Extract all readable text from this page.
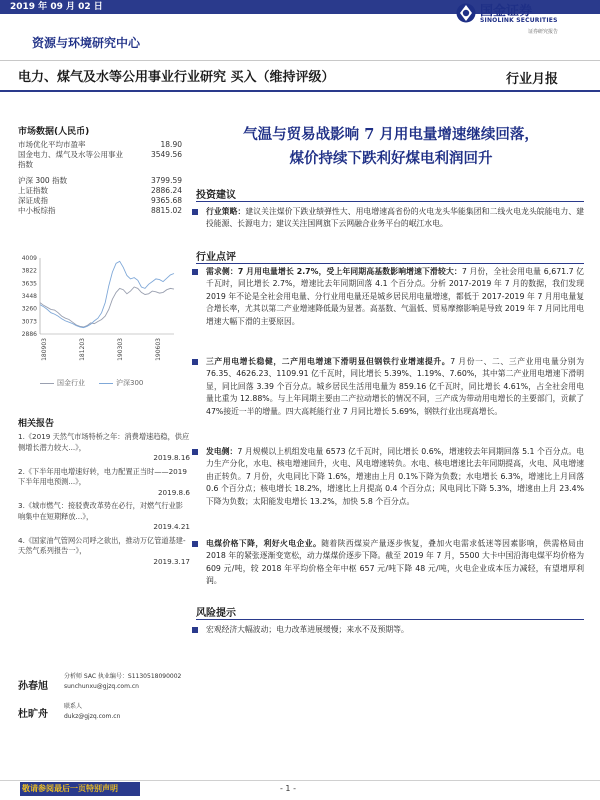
2019 年 09 月 02 日	国金证券
SINOLINK SECURITIES
证券研究报告
资源与环境研究中心
电力、煤气及水等公用事业行业研究 买入（维持评级）	行业月报
市场数据(人民币)
市场优化平均市盈率	18.90
国金电力、煤气及水等公用事业指数
3549.56
沪深 300 指数	3799.59
上证指数	2886.24
深证成指	9365.68
中小板综指	8815.02
4009
3822
3635
3448
3260
3073
2886
180903	181203	190303	190603
国金行业	沪深300
相关报告
1.《2019 天然气市场特桥之年：消费增速趋稳，供应侧增长潜力较大...》，
2019.8.16
2.《下半年用电增速好转，电力配置正当时——2019 下半年用电预测...》，
2019.8.6
3.《城市燃气：接驳费改革势在必行，对燃气行业影响集中在短期释放...》，
2019.4.21
4.《国家油气管网公司呼之欲出，推动万亿管道基建-天然气系列报告一》，
2019.3.17
孙春旭
分析师 SAC 执业编号：S1130518090002
sunchunxu@gjzq.com.cn
杜旷舟
联系人
dukz@gjzq.com.cn
气温与贸易战影响 7 月用电量增速继续回落，
煤价持续下跌利好煤电利润回升
投资建议
行业策略：建议关注煤价下跌业绩弹性大、用电增速高省份的火电龙头华能集团和二线火电龙头皖能电力、建投能源、长源电力；建议关注国网旗下云网融合业务平台的岷江水电。
行业点评
需求侧：7 月用电量增长 2.7%，受上年同期高基数影响增速下滑较大：7 月份，全社会用电量 6,671.7 亿千瓦时，同比增长 2.7%，增速比去年同期回落 4.1 个百分点。分析 2017-2019 年 7 月的数据，我们发现 2019 年不论是全社会用电量、分行业用电量还是城乡居民用电量增速，都低于 2017-2019 年 7 月用电量复合增长率，尤其以第二产业增速降低最为显著。高基数、气温低、贸易摩擦影响是导致 2019 年 7 月同比用电增速大幅下滑的主要原因。
三产用电增长稳健，二产用电增速下滑明显但钢铁行业增速提升。7 月份一、二、三产业用电量分别为 76.35、4626.23、1109.91 亿千瓦时，同比增长 5.39%、1.19%、7.60%，其中第二产业用电增速下滑明显，同比回落 3.39 个百分点。城乡居民生活用电量为 859.16 亿千瓦时，同比增长 4.61%，占全社会用电量比重为 12.88%。与上年同期主要由二产拉动增长的情况不同，三产成为带动用电增长的主要部门，贡献了 47%接近一半的增量。四大高耗能行业 7 月同比增长 5.69%，钢铁行业出现高增长。
发电侧：7 月规模以上机组发电量 6573 亿千瓦时，同比增长 0.6%，增速较去年同期回落 5.1 个百分点。电力生产分化，水电、核电增速回升，火电、风电增速转负。水电、核电增速比去年同期提高，火电、风电增速由正转负。7 月份，火电同比下降 1.6%，增速由上月 0.1%下降为负数；水电增长 6.3%，增速比上月回落 0.6 个百分点；核电增长 18.2%，增速比上月提高 0.4 个百分点；风电同比下降 5.3%，增速由上月 23.4%下降为负数；太阳能发电增长 13.2%，加快 5.8 个百分点。
电煤价格下降，利好火电企业。随着陕西煤炭产量逐步恢复，叠加火电需求低迷等因素影响，供需格局由 2018 年的紧张逐渐变宽松，动力煤煤价逐步下降。截至 2019 年 7 月，5500 大卡中国沿海电煤平均价格为 609 元/吨，较 2018 年平均价格全年中枢 657 元/吨下降 48 元/吨，火电企业成本压力减轻，有望增厚利润。
风险提示
宏观经济大幅波动；电力改革进展缓慢；来水不及预期等。
敬请参阅最后一页特别声明	- 1 -
